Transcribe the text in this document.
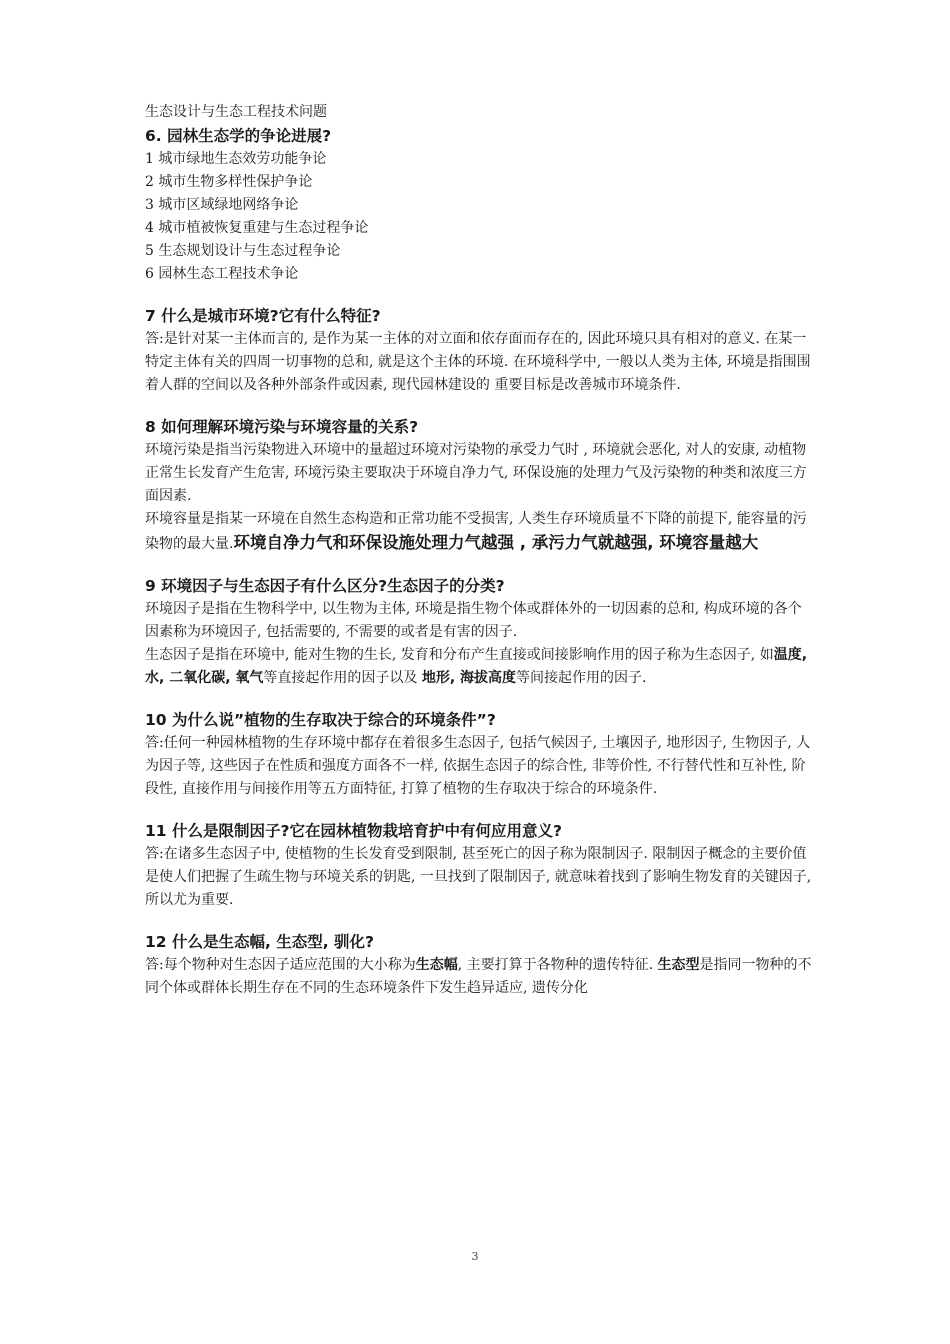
生态设计与生态工程技术问题
6. 园林生态学的争论进展?
1 城市绿地生态效劳功能争论
2 城市生物多样性保护争论
3 城市区域绿地网络争论
4 城市植被恢复重建与生态过程争论
5 生态规划设计与生态过程争论
6 园林生态工程技术争论
7 什么是城市环境?它有什么特征?
答:是针对某一主体而言的, 是作为某一主体的对立面和依存面而存在的, 因此环境只具有相对的意义. 在某一特定主体有关的四周一切事物的总和, 就是这个主体的环境. 在环境科学中, 一般以人类为主体, 环境是指围围着人群的空间以及各种外部条件或因素, 现代园林建设的 重要目标是改善城市环境条件.
8 如何理解环境污染与环境容量的关系?
环境污染是指当污染物进入环境中的量超过环境对污染物的承受力气时 , 环境就会恶化, 对人的安康, 动植物正常生长发育产生危害, 环境污染主要取决于环境自净力气, 环保设施的处理力气及污染物的种类和浓度三方面因素.
环境容量是指某一环境在自然生态构造和正常功能不受损害, 人类生存环境质量不下降的前提下, 能容量的污染物的最大量.环境自净力气和环保设施处理力气越强 , 承污力气就越强, 环境容量越大
9 环境因子与生态因子有什么区分?生态因子的分类?
环境因子是指在生物科学中, 以生物为主体, 环境是指生物个体或群体外的一切因素的总和, 构成环境的各个因素称为环境因子, 包括需要的, 不需要的或者是有害的因子.
生态因子是指在环境中, 能对生物的生长, 发育和分布产生直接或间接影响作用的因子称为生态因子, 如温度, 水, 二氧化碳, 氧气等直接起作用的因子以及 地形, 海拔高度等间接起作用的因子.
10 为什么说”植物的生存取决于综合的环境条件”?
答:任何一种园林植物的生存环境中都存在着很多生态因子, 包括气候因子, 土壤因子, 地形因子, 生物因子, 人为因子等, 这些因子在性质和强度方面各不一样, 依据生态因子的综合性, 非等价性, 不行替代性和互补性, 阶段性, 直接作用与间接作用等五方面特征, 打算了植物的生存取决于综合的环境条件.
11 什么是限制因子?它在园林植物栽培育护中有何应用意义?
答:在诸多生态因子中, 使植物的生长发育受到限制, 甚至死亡的因子称为限制因子. 限制因子概念的主要价值是使人们把握了生疏生物与环境关系的钥匙, 一旦找到了限制因子, 就意味着找到了影响生物发育的关键因子, 所以尤为重要.
12 什么是生态幅, 生态型, 驯化?
答:每个物种对生态因子适应范围的大小称为生态幅, 主要打算于各物种的遗传特征. 生态型是指同一物种的不同个体或群体长期生存在不同的生态环境条件下发生趋异适应, 遗传分化
3
